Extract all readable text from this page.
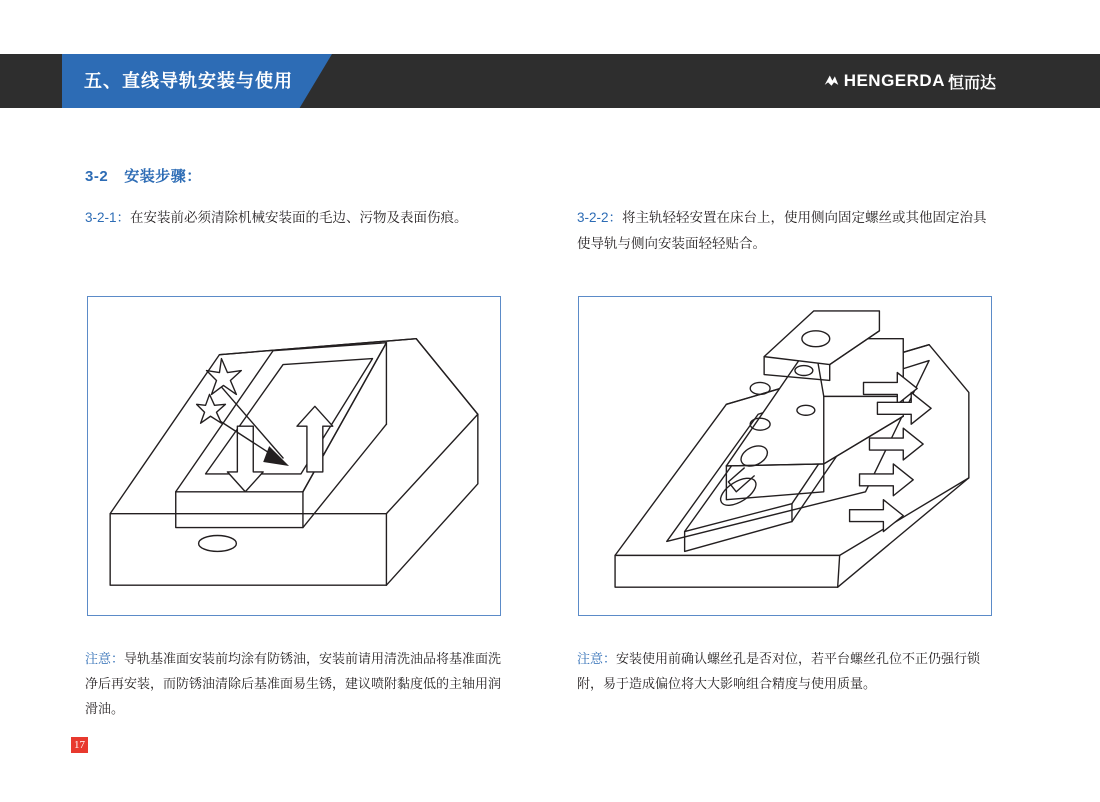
五、直线导轨安装与使用	HENGERDA 恒而达
3-2 安装步骤：

3-2-1：在安装前必须清除机械安装面的毛边、污物及表面伤痕。	3-2-2：将主轨轻轻安置在床台上，使用侧向固定螺丝或其他固定治具使导轨与侧向安装面轻轻贴合。

注意：导轨基准面安装前均涂有防锈油，安装前请用清洗油品将基准面洗净后再安装，而防锈油清除后基准面易生锈，建议喷附黏度低的主轴用润滑油。

注意：安装使用前确认螺丝孔是否对位，若平台螺丝孔位不正仍强行锁附，易于造成偏位将大大影响组合精度与使用质量。

17
